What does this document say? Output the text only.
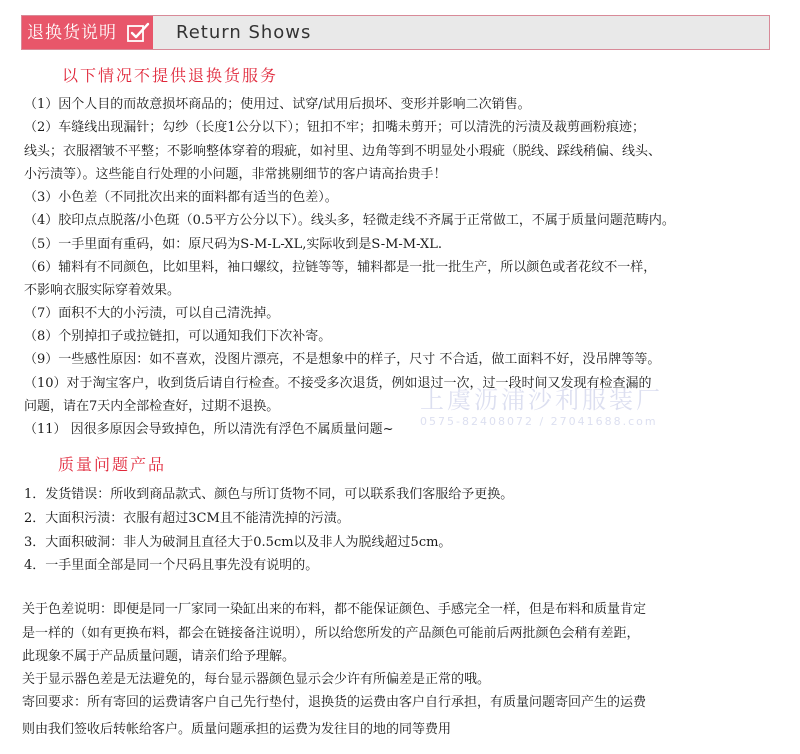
退换货说明	Return Shows
以下情况不提供退换货服务
（1）因个人目的而故意损坏商品的；使用过、试穿/试用后损坏、变形并影响二次销售。
（2）车缝线出现漏针；勾纱（长度1公分以下）；钮扣不牢；扣嘴未剪开；可以清洗的污渍及裁剪画粉痕迹；
线头；衣服褶皱不平整；不影响整体穿着的瑕疵，如衬里、边角等到不明显处小瑕疵（脱线、踩线稍偏、线头、
小污渍等）。这些能自行处理的小问题，非常挑剔细节的客户请高抬贵手！
（3）小色差（不同批次出来的面料都有适当的色差）。
（4）胶印点点脱落/小色斑（0.5平方公分以下）。线头多，轻微走线不齐属于正常做工，不属于质量问题范畴内。
（5）一手里面有重码，如：原尺码为S-M-L-XL,实际收到是S-M-M-XL.
（6）辅料有不同颜色，比如里料，袖口螺纹，拉链等等，辅料都是一批一批生产，所以颜色或者花纹不一样，
不影响衣服实际穿着效果。
（7）面积不大的小污渍，可以自己清洗掉。
（8）个别掉扣子或拉链扣，可以通知我们下次补寄。
（9）一些感性原因：如不喜欢，没图片漂亮，不是想象中的样子，尺寸 不合适，做工面料不好，没吊牌等等。
（10）对于淘宝客户，收到货后请自行检查。不接受多次退货，例如退过一次，过一段时间又发现有检查漏的
问题，请在7天内全部检查好，过期不退换。
（11） 因很多原因会导致掉色，所以清洗有浮色不属质量问题~
上虞沥浦沙利服装厂
0575-82408072 / 27041688.com
质量问题产品
1．发货错误：所收到商品款式、颜色与所订货物不同，可以联系我们客服给予更换。
2．大面积污渍：衣服有超过3CM且不能清洗掉的污渍。
3．大面积破洞：非人为破洞且直径大于0.5cm以及非人为脱线超过5cm。
4．一手里面全部是同一个尺码且事先没有说明的。
关于色差说明：即便是同一厂家同一染缸出来的布料，都不能保证颜色、手感完全一样，但是布料和质量肯定
是一样的（如有更换布料，都会在链接备注说明），所以给您所发的产品颜色可能前后两批颜色会稍有差距，
此现象不属于产品质量问题，请亲们给予理解。
关于显示器色差是无法避免的，每台显示器颜色显示会少许有所偏差是正常的哦。
寄回要求：所有寄回的运费请客户自己先行垫付，退换货的运费由客户自行承担，有质量问题寄回产生的运费
则由我们签收后转帐给客户。质量问题承担的运费为发往目的地的同等费用
